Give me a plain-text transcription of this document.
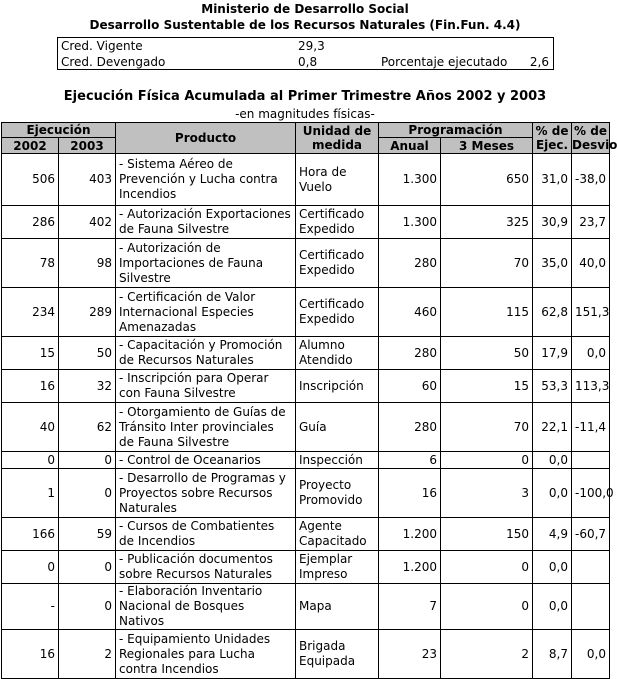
Ministerio de Desarrollo Social
Desarrollo Sustentable de los Recursos Naturales (Fin.Fun. 4.4)
Cred. Vigente	29,3
Cred. Devengado	0,8	Porcentaje ejecutado 2,6
Ejecución Física Acumulada al Primer Trimestre Años 2002 y 2003
-en magnitudes físicas-
Ejecución		Producto	Unidad de medida	Programación		% de Ejec.	% de Desvio
2002	2003			Anual	3 Meses		
506	403	- Sistema Aéreo de Prevención y Lucha contra Incendios	Hora de Vuelo	1.300	650	31,0	-38,0
286	402	- Autorización Exportaciones de Fauna Silvestre	Certificado Expedido	1.300	325	30,9	23,7
78	98	- Autorización de Importaciones de Fauna Silvestre	Certificado Expedido	280	70	35,0	40,0
234	289	- Certificación de Valor Internacional Especies Amenazadas	Certificado Expedido	460	115	62,8	151,3
15	50	- Capacitación y Promoción de Recursos Naturales	Alumno Atendido	280	50	17,9	0,0
16	32	- Inscripción para Operar con Fauna Silvestre	Inscripción	60	15	53,3	113,3
40	62	- Otorgamiento de Guías de Tránsito Inter provinciales de Fauna Silvestre	Guía	280	70	22,1	-11,4
0	0	- Control de Oceanarios	Inspección	6	0	0,0	
1	0	- Desarrollo de Programas y Proyectos sobre Recursos Naturales	Proyecto Promovido	16	3	0,0	-100,0
166	59	- Cursos de Combatientes de Incendios	Agente Capacitado	1.200	150	4,9	-60,7
0	0	- Publicación documentos sobre Recursos Naturales	Ejemplar Impreso	1.200	0	0,0	
-	0	- Elaboración Inventario Nacional de Bosques Nativos	Mapa	7	0	0,0	
16	2	- Equipamiento Unidades Regionales para Lucha contra Incendios	Brigada Equipada	23	2	8,7	0,0
